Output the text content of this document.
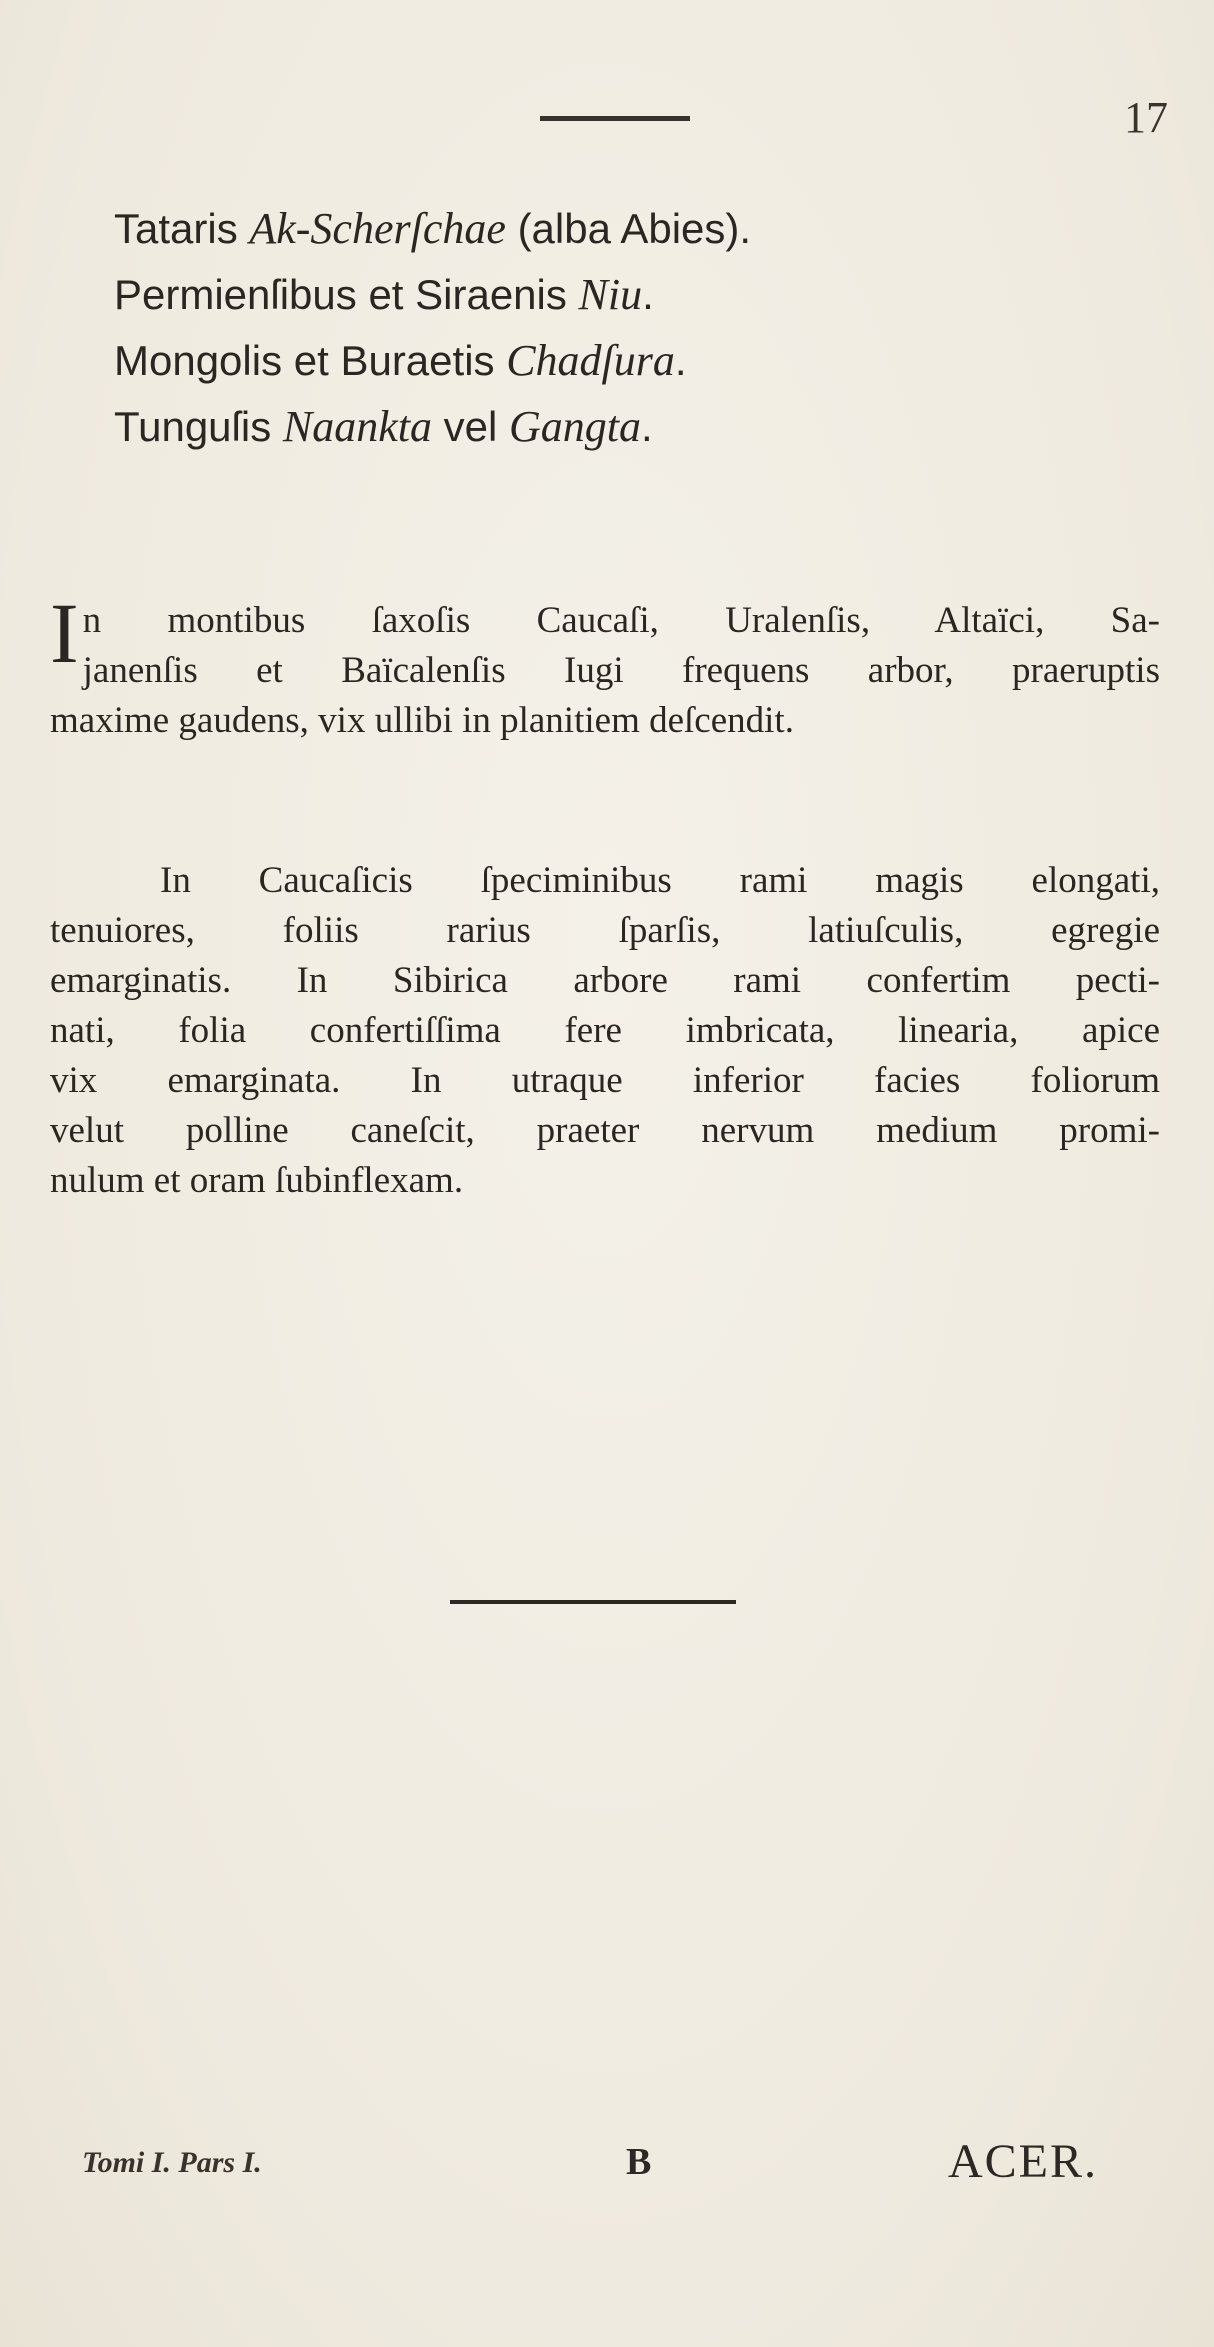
17
Tataris Ak-Scherſchae (alba Abies).
Permienſibus et Siraenis Niu.
Mongolis et Buraetis Chadſura.
Tunguſis Naankta vel Gangta.
I n montibus ſaxoſis Caucaſi, Uralenſis, Altaïci, Sa-
janenſis et Baïcalenſis Iugi frequens arbor, praeruptis
maxime gaudens, vix ullibi in planitiem deſcendit.
In Caucaſicis ſpeciminibus rami magis elongati,
tenuiores, foliis rarius ſparſis, latiuſculis, egregie
emarginatis. In Sibirica arbore rami confertim pecti-
nati, folia confertiſſima fere imbricata, linearia, apice
vix emarginata. In utraque inferior facies foliorum
velut polline caneſcit, praeter nervum medium promi-
nulum et oram ſubinflexam.
Tomi I. Pars I.	B	ACER.
